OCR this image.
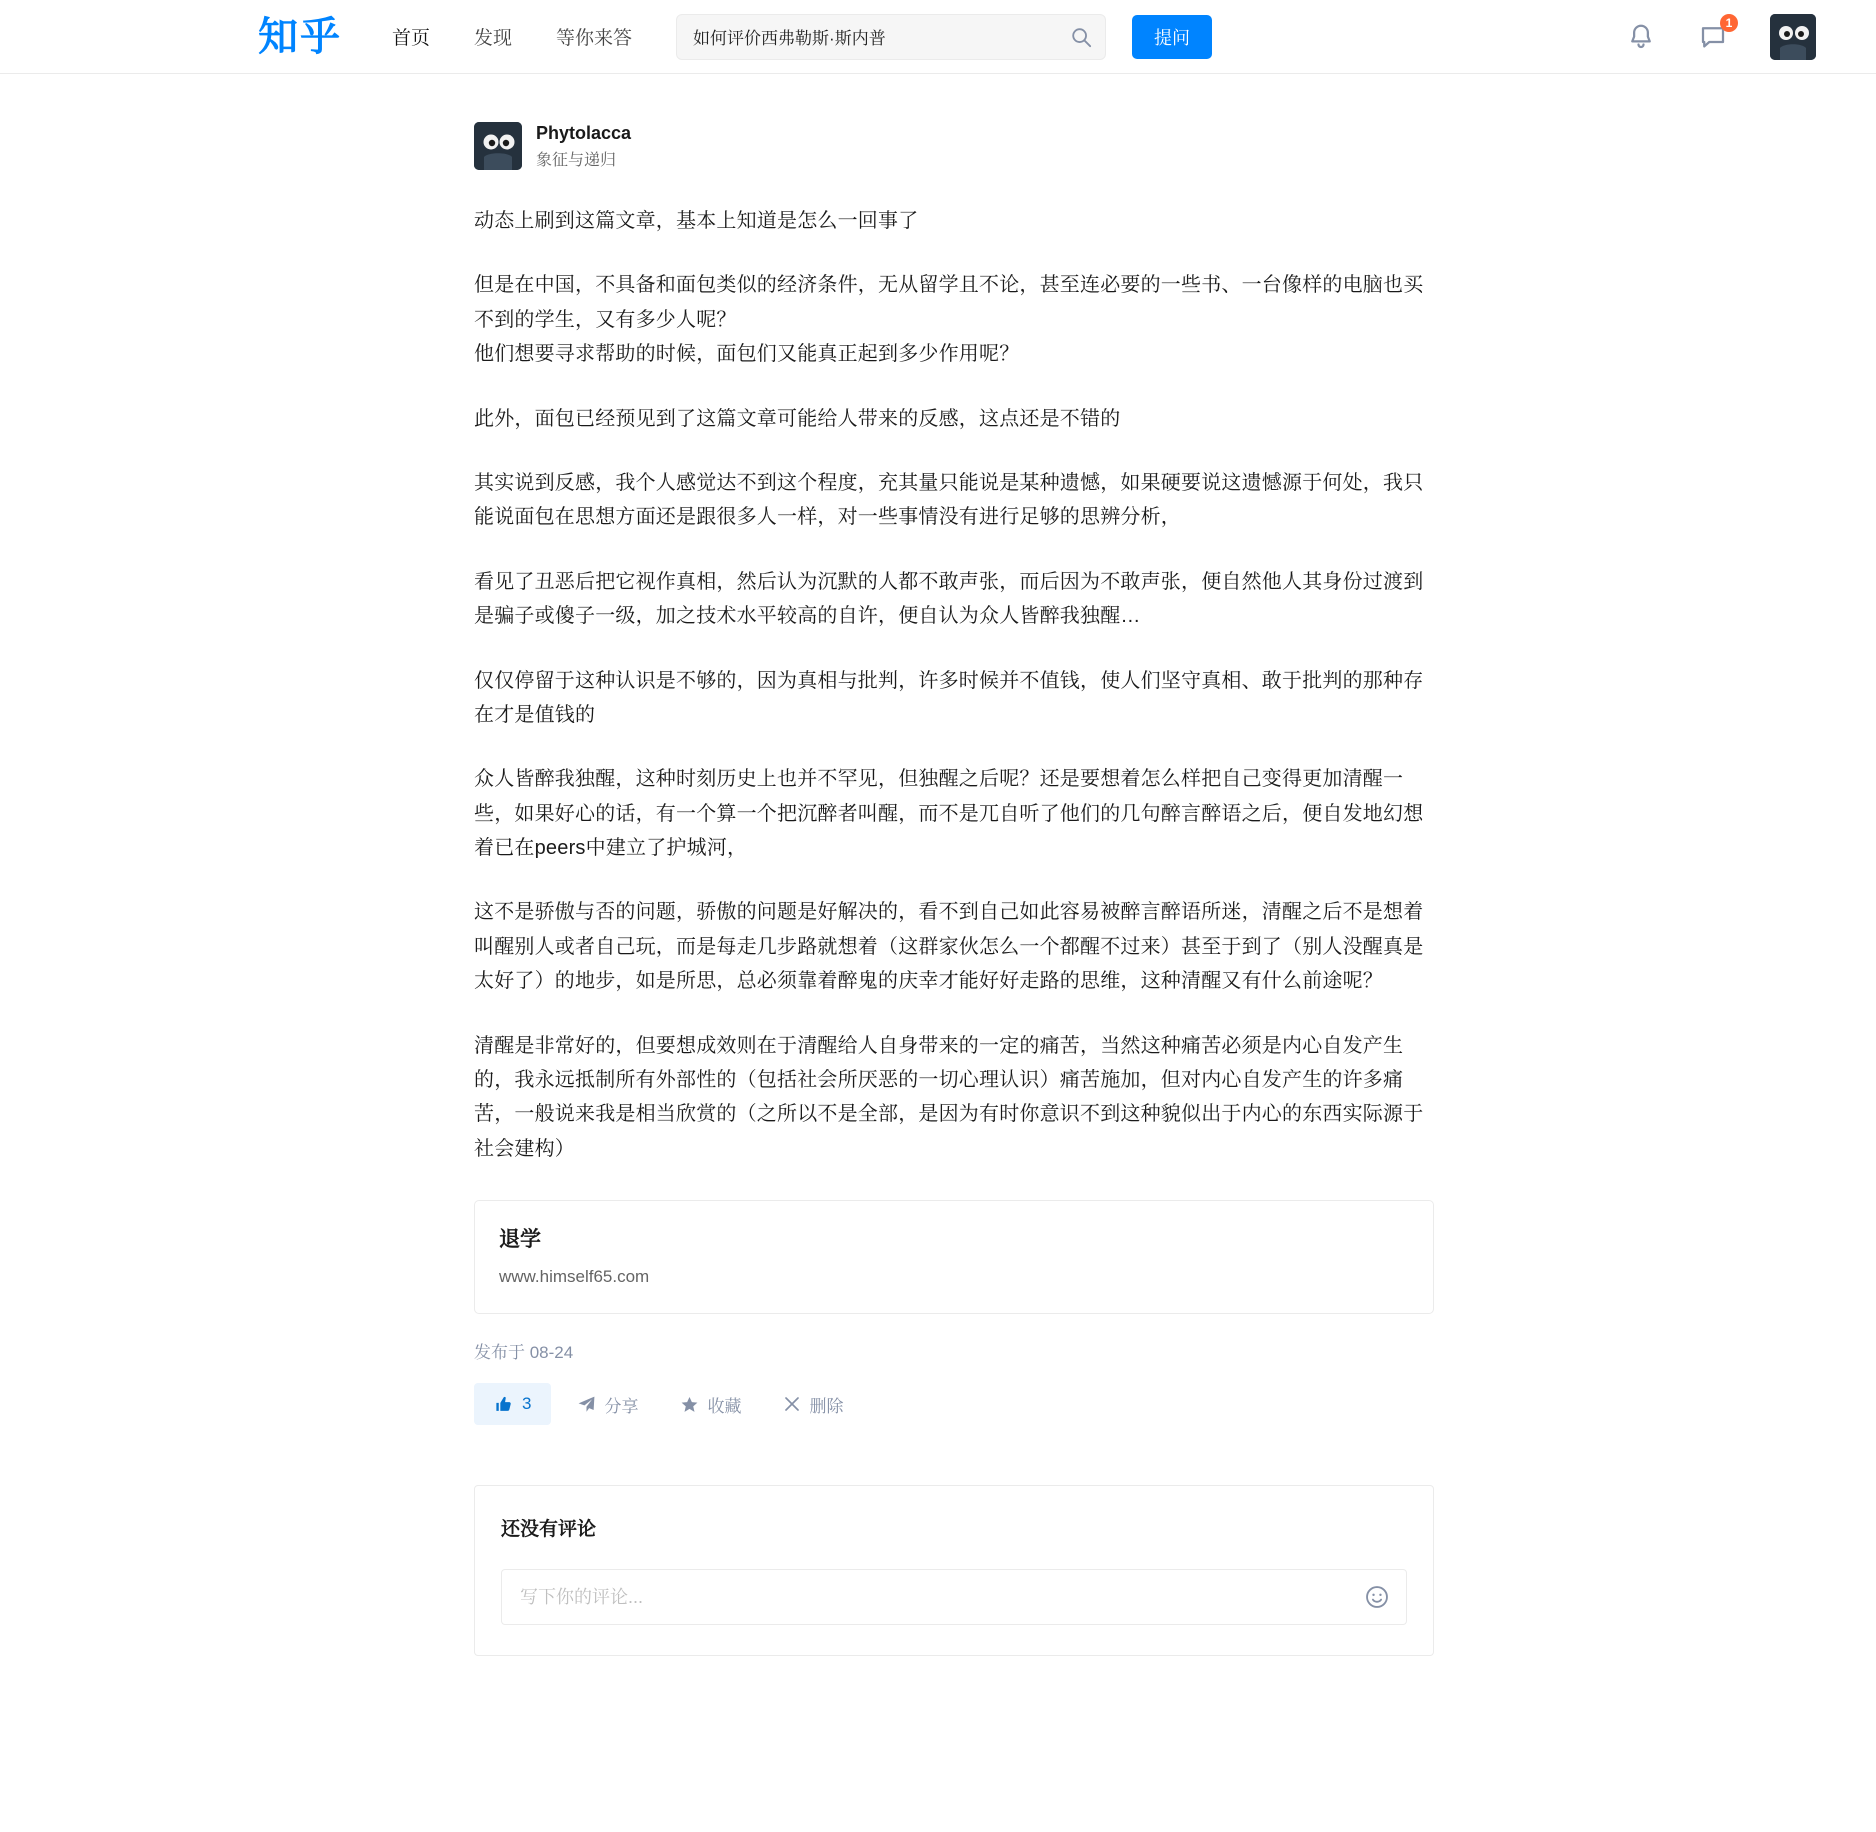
知乎	首页 发现 等你来答
如何评价西弗勒斯·斯内普	提问
1
Phytolacca
象征与递归

动态上刷到这篇文章，基本上知道是怎么一回事了

但是在中国，不具备和面包类似的经济条件，无从留学且不论，甚至连必要的一些书、一台像样的电脑也买不到的学生，又有多少人呢？

他们想要寻求帮助的时候，面包们又能真正起到多少作用呢？

此外，面包已经预见到了这篇文章可能给人带来的反感，这点还是不错的

其实说到反感，我个人感觉达不到这个程度，充其量只能说是某种遗憾，如果硬要说这遗憾源于何处，我只能说面包在思想方面还是跟很多人一样，对一些事情没有进行足够的思辨分析，

看见了丑恶后把它视作真相，然后认为沉默的人都不敢声张，而后因为不敢声张，便自然他人其身份过渡到是骗子或傻子一级，加之技术水平较高的自许，便自认为众人皆醉我独醒…

仅仅停留于这种认识是不够的，因为真相与批判，许多时候并不值钱，使人们坚守真相、敢于批判的那种存在才是值钱的

众人皆醉我独醒，这种时刻历史上也并不罕见，但独醒之后呢？还是要想着怎么样把自己变得更加清醒一些，如果好心的话，有一个算一个把沉醉者叫醒，而不是兀自听了他们的几句醉言醉语之后，便自发地幻想着已在peers中建立了护城河，

这不是骄傲与否的问题，骄傲的问题是好解决的，看不到自己如此容易被醉言醉语所迷，清醒之后不是想着叫醒别人或者自己玩，而是每走几步路就想着（这群家伙怎么一个都醒不过来）甚至于到了（别人没醒真是太好了）的地步，如是所思，总必须靠着醉鬼的庆幸才能好好走路的思维，这种清醒又有什么前途呢？

清醒是非常好的，但要想成效则在于清醒给人自身带来的一定的痛苦，当然这种痛苦必须是内心自发产生的，我永远抵制所有外部性的（包括社会所厌恶的一切心理认识）痛苦施加，但对内心自发产生的许多痛苦，一般说来我是相当欣赏的（之所以不是全部，是因为有时你意识不到这种貌似出于内心的东西实际源于社会建构）

退学
www.himself65.com
发布于 08-24
3	分享	收藏	删除
还没有评论
写下你的评论...
